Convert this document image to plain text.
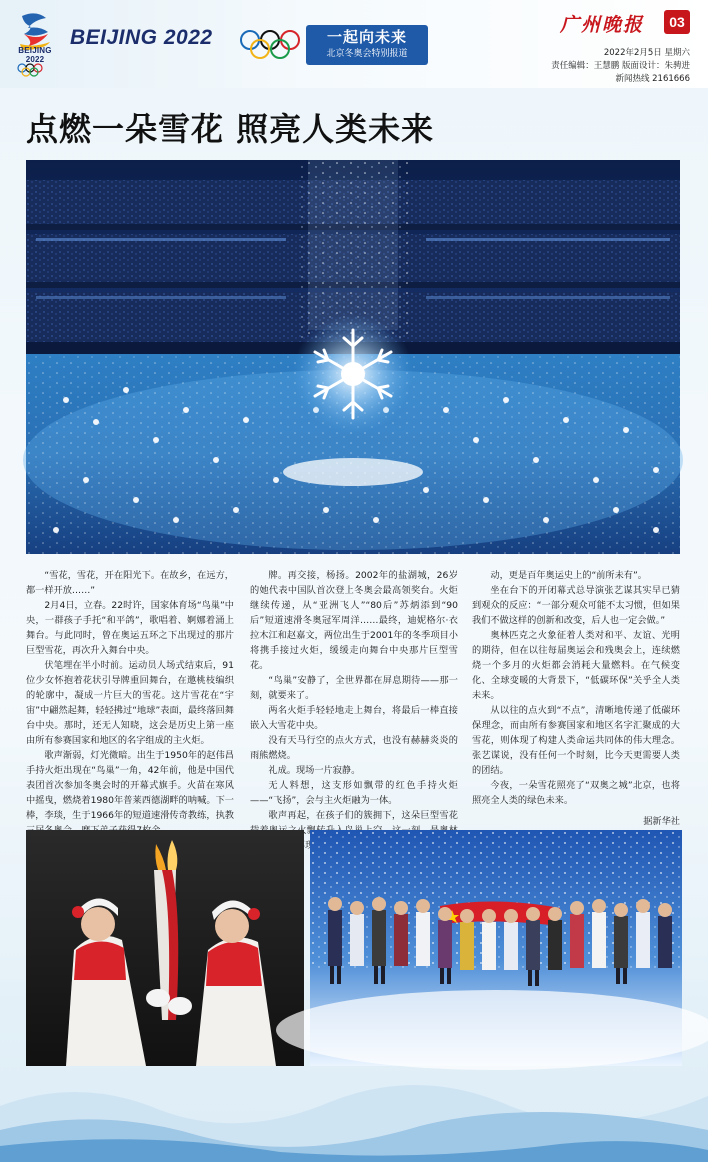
BEIJING 2022
BEIJING 2022	一起向未来
北京冬奥会特别报道
广州晚报	03
2022年2月5日 星期六
责任编辑：王慧鹏 版面设计：朱骋进
新闻热线 2161666
点燃一朵雪花 照亮人类未来

“雪花，雪花，开在阳光下。在故乡，在远方，都一样开放……”

2月4日，立春。22时许，国家体育场“鸟巢”中央，一群孩子手托“和平鸽”，歌唱着、婀娜着涌上舞台。与此同时，曾在奥运五环之下出现过的那片巨型雪花，再次升入舞台中央。

伏笔埋在半小时前。运动员人场式结束后，91位少女怀抱着花状引导牌重回舞台，在邀桃枝编织的轮廓中，凝成一片巨大的雪花。这片雪花在“宇宙”中翩然起舞，轻轻拂过“地球”表面，最终落回舞台中央。那时，还无人知晓，这会是历史上第一座由所有参赛国家和地区的名字组成的主火炬。

歌声渐弱，灯光微暗。出生于1950年的赵伟昌手持火炬出现在“鸟巢”一角，42年前，他是中国代表团首次参加冬奥会时的开幕式旗手。火苗在寒风中摇曳，燃烧着1980年普莱西德湖畔的呐喊。下一棒，李琰，生于1966年的短道速滑传奇教练，执教

牌。再交接，杨扬。2002年的盐湖城，26岁的她代表中国队首次登上冬奥会最高领奖台。火炬继续传递，从“亚洲飞人”“80后”苏炳添到“90后”短道速滑冬奥冠军周洋……最终，迪妮格尔·衣拉木江和赵嘉文，两位出生于2001年的冬季项目小将携手接过火炬，缓缓走向舞台中央那片巨型雪花。

“鸟巢”安静了，全世界都在屏息期待——那一刻，就要来了。

两名火炬手轻轻地走上舞台，将最后一棒直接嵌入大雪花中央。

没有天马行空的点火方式，也没有赫赫炎炎的雨熊燃烧。

礼成。现场一片寂静。

无人料想，这支形如飘带的红色手持火炬——“飞扬”，会与主火炬融为一体。

歌声再起，在孩子们的簇拥下，这朵巨型雪花 火飘 光再现，

动，更是百年奥运史上的“前所未有”。

坐在台下的开闭幕式总导演张艺谋其实早已猜到观众的反应：“一部分观众可能不太习惯，但如果我们不做这样的创新和改变，后人也一定会做。”

奥林匹克之火象征着人类对和平、友谊、光明的期待，但在以往每届奥运会和残奥会上，连续燃烧一个多月的火炬都会消耗大量燃料。在气候变化、全球变暖的大背景下，“低碳环保”关乎全人类未来。

从以往的点火到“不点”，清晰地传递了低碳环保理念，而由所有参赛国家和地区名字汇聚成的大雪花，则体现了构建人类命运共同体的伟大理念。张艺谋说，没有任何一个时刻，比今天更需要人类的团结。

今夜，一朵雪花照亮了“双奥之城”北京，也将照亮全人类的绿色未来。

据新华社
